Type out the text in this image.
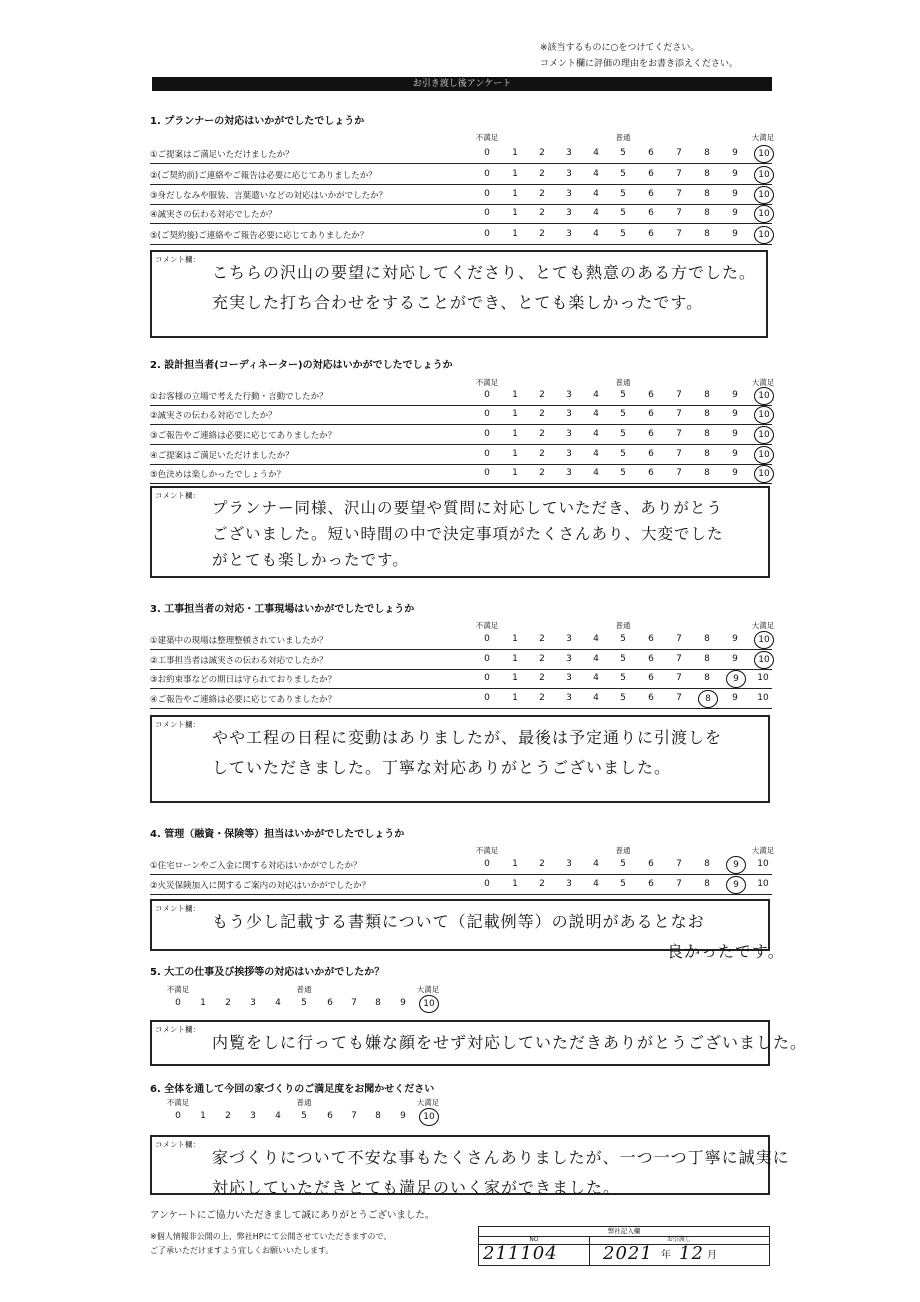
※該当するものに○をつけてください。
コメント欄に評価の理由をお書き添えください。
お引き渡し後アンケート
1. プランナーの対応はいかがでしたでしょうか
不満足	普通	大満足
①ご提案はご満足いただけましたか？	0	1	2	3	4	5	6	7	8	9	10
②(ご契約前)ご連絡やご報告は必要に応じてありましたか？	0	1	2	3	4	5	6	7	8	9	10
③身だしなみや服装、言葉遣いなどの対応はいかがでしたか？	0	1	2	3	4	5	6	7	8	9	10
④誠実さの伝わる対応でしたか？	0	1	2	3	4	5	6	7	8	9	10
⑤(ご契約後)ご連絡やご報告必要に応じてありましたか？	0	1	2	3	4	5	6	7	8	9	10
コメント欄：
こちらの沢山の要望に対応してくださり、とても熱意のある方でした。
充実した打ち合わせをすることができ、とても楽しかったです。
2. 設計担当者(コーディネーター)の対応はいかがでしたでしょうか
不満足	普通	大満足
①お客様の立場で考えた行動・言動でしたか？	0	1	2	3	4	5	6	7	8	9	10
②誠実さの伝わる対応でしたか？	0	1	2	3	4	5	6	7	8	9	10
③ご報告やご連絡は必要に応じてありましたか？	0	1	2	3	4	5	6	7	8	9	10
④ご提案はご満足いただけましたか？	0	1	2	3	4	5	6	7	8	9	10
⑤色決めは楽しかったでしょうか？	0	1	2	3	4	5	6	7	8	9	10
コメント欄：
プランナー同様、沢山の要望や質問に対応していただき、ありがとう
ございました。短い時間の中で決定事項がたくさんあり、大変でした
がとても楽しかったです。
3. 工事担当者の対応・工事現場はいかがでしたでしょうか
不満足	普通	大満足
①建築中の現場は整理整頓されていましたか？	0	1	2	3	4	5	6	7	8	9	10
②工事担当者は誠実さの伝わる対応でしたか？	0	1	2	3	4	5	6	7	8	9	10
③お約束事などの期日は守られておりましたか？	0	1	2	3	4	5	6	7	8	9	10
④ご報告やご連絡は必要に応じてありましたか？	0	1	2	3	4	5	6	7	8	9	10
コメント欄：
やや工程の日程に変動はありましたが、最後は予定通りに引渡しを
していただきました。丁寧な対応ありがとうございました。
4. 管理（融資・保険等）担当はいかがでしたでしょうか
不満足	普通	大満足
①住宅ローンやご入金に関する対応はいかがでしたか？	0	1	2	3	4	5	6	7	8	9	10
②火災保険加入に関するご案内の対応はいかがでしたか？	0	1	2	3	4	5	6	7	8	9	10
コメント欄：
もう少し記載する書類について（記載例等）の説明があるとなお
良かったです。
5. 大工の仕事及び挨拶等の対応はいかがでしたか？
不満足	普通	大満足
0	1	2	3	4	5	6	7	8	9	10
コメント欄：
内覧をしに行っても嫌な顔をせず対応していただきありがとうございました。
6. 全体を通して今回の家づくりのご満足度をお聞かせください
不満足	普通	大満足
0	1	2	3	4	5	6	7	8	9	10
コメント欄：
家づくりについて不安な事もたくさんありましたが、一つ一つ丁寧に誠実に
対応していただきとても満足のいく家ができました。
アンケートにご協力いただきまして誠にありがとうございました。
※個人情報非公開の上、弊社HPにて公開させていただきますので、
ご了承いただけますよう宜しくお願いいたします。
弊社記入欄
NO	お引渡し
211104	2021 年 12 月
